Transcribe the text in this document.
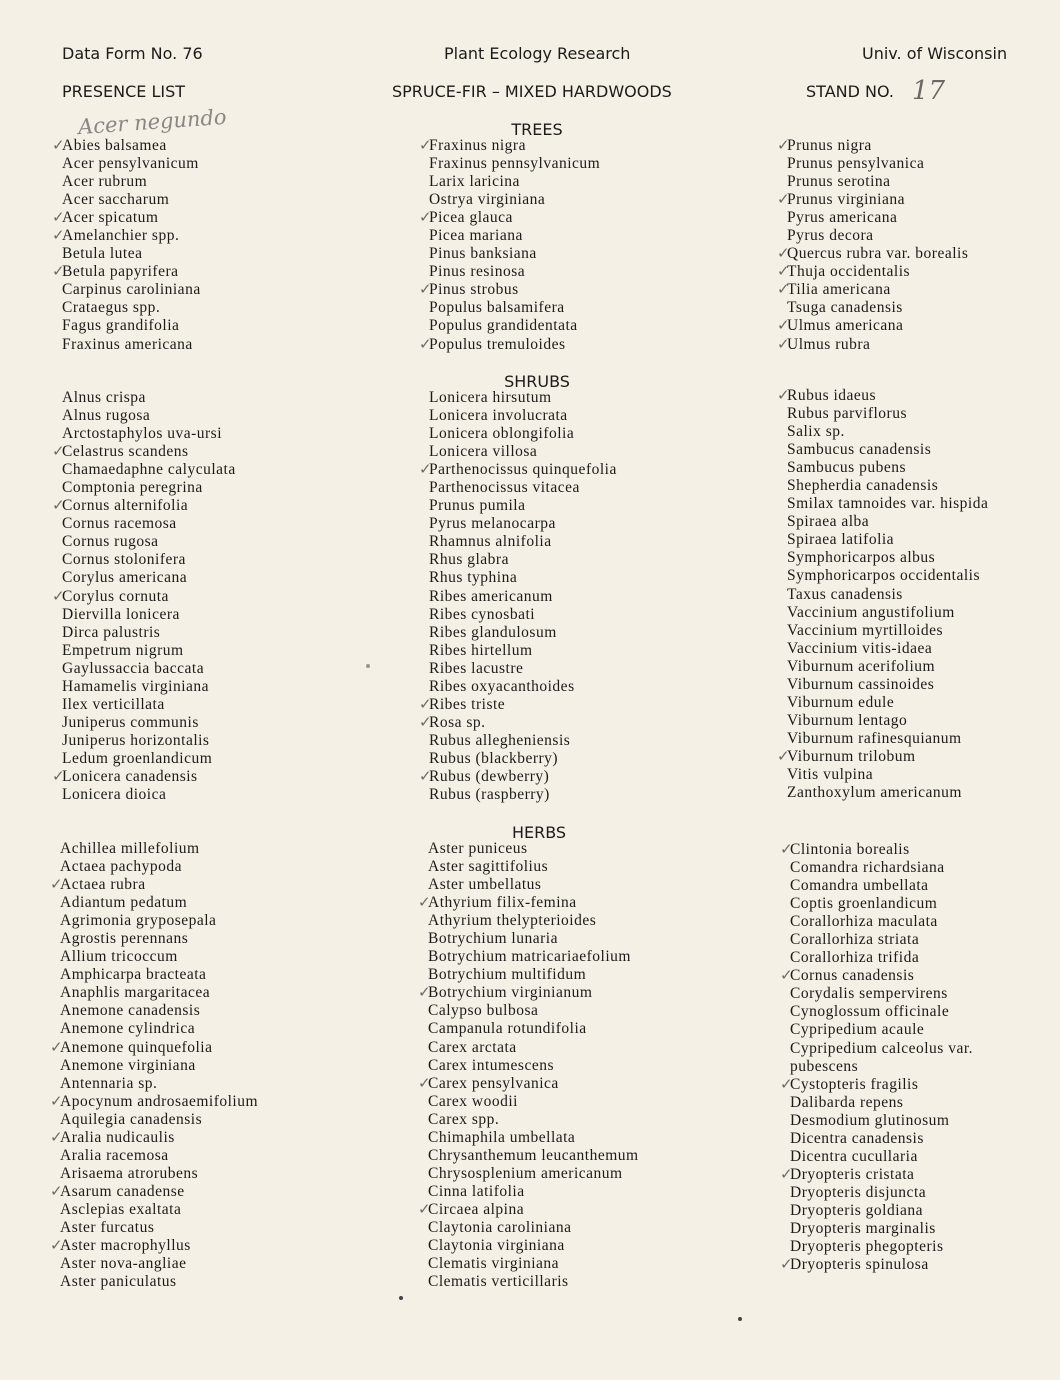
Data Form No. 76	Plant Ecology Research	Univ. of Wisconsin
PRESENCE LIST	SPRUCE-FIR – MIXED HARDWOODS	STAND NO. 17
Acer negundo	TREES
SHRUBS
HERBS
✓ Abies balsamea
Acer pensylvanicum
Acer rubrum
Acer saccharum
✓ Acer spicatum
✓ Amelanchier spp.
Betula lutea
✓ Betula papyrifera
Carpinus caroliniana
Crataegus spp.
Fagus grandifolia
Fraxinus americana
✓ Fraxinus nigra
Fraxinus pennsylvanicum
Larix laricina
Ostrya virginiana
✓ Picea glauca
Picea mariana
Pinus banksiana
Pinus resinosa
✓ Pinus strobus
Populus balsamifera
Populus grandidentata
✓ Populus tremuloides
✓ Prunus nigra
Prunus pensylvanica
Prunus serotina
✓ Prunus virginiana
Pyrus americana
Pyrus decora
✓ Quercus rubra var. borealis
✓ Thuja occidentalis
✓ Tilia americana
Tsuga canadensis
✓ Ulmus americana
✓ Ulmus rubra
Alnus crispa
Alnus rugosa
Arctostaphylos uva-ursi
✓ Celastrus scandens
Chamaedaphne calyculata
Comptonia peregrina
✓ Cornus alternifolia
Cornus racemosa
Cornus rugosa
Cornus stolonifera
Corylus americana
✓ Corylus cornuta
Diervilla lonicera
Dirca palustris
Empetrum nigrum
Gaylussaccia baccata
Hamamelis virginiana
Ilex verticillata
Juniperus communis
Juniperus horizontalis
Ledum groenlandicum
✓ Lonicera canadensis
Lonicera dioica
Lonicera hirsutum
Lonicera involucrata
Lonicera oblongifolia
Lonicera villosa
✓ Parthenocissus quinquefolia
Parthenocissus vitacea
Prunus pumila
Pyrus melanocarpa
Rhamnus alnifolia
Rhus glabra
Rhus typhina
Ribes americanum
Ribes cynosbati
Ribes glandulosum
Ribes hirtellum
Ribes lacustre
Ribes oxyacanthoides
✓ Ribes triste
✓ Rosa sp.
Rubus allegheniensis
Rubus (blackberry)
✓ Rubus (dewberry)
Rubus (raspberry)
✓ Rubus idaeus
Rubus parviflorus
Salix sp.
Sambucus canadensis
Sambucus pubens
Shepherdia canadensis
Smilax tamnoides var. hispida
Spiraea alba
Spiraea latifolia
Symphoricarpos albus
Symphoricarpos occidentalis
Taxus canadensis
Vaccinium angustifolium
Vaccinium myrtilloides
Vaccinium vitis-idaea
Viburnum acerifolium
Viburnum cassinoides
Viburnum edule
Viburnum lentago
Viburnum rafinesquianum
✓ Viburnum trilobum
Vitis vulpina
Zanthoxylum americanum
Achillea millefolium
Actaea pachypoda
✓ Actaea rubra
Adiantum pedatum
Agrimonia gryposepala
Agrostis perennans
Allium tricoccum
Amphicarpa bracteata
Anaphlis margaritacea
Anemone canadensis
Anemone cylindrica
✓ Anemone quinquefolia
Anemone virginiana
Antennaria sp.
✓ Apocynum androsaemifolium
Aquilegia canadensis
✓ Aralia nudicaulis
Aralia racemosa
Arisaema atrorubens
✓ Asarum canadense
Asclepias exaltata
Aster furcatus
✓ Aster macrophyllus
Aster nova-angliae
Aster paniculatus
Aster puniceus
Aster sagittifolius
Aster umbellatus
✓ Athyrium filix-femina
Athyrium thelypterioides
Botrychium lunaria
Botrychium matricariaefolium
Botrychium multifidum
✓ Botrychium virginianum
Calypso bulbosa
Campanula rotundifolia
Carex arctata
Carex intumescens
✓ Carex pensylvanica
Carex woodii
Carex spp.
Chimaphila umbellata
Chrysanthemum leucanthemum
Chrysosplenium americanum
Cinna latifolia
✓ Circaea alpina
Claytonia caroliniana
Claytonia virginiana
Clematis virginiana
Clematis verticillaris
✓ Clintonia borealis
Comandra richardsiana
Comandra umbellata
Coptis groenlandicum
Corallorhiza maculata
Corallorhiza striata
Corallorhiza trifida
✓ Cornus canadensis
Corydalis sempervirens
Cynoglossum officinale
Cypripedium acaule
Cypripedium calceolus var.
pubescens
✓ Cystopteris fragilis
Dalibarda repens
Desmodium glutinosum
Dicentra canadensis
Dicentra cucullaria
✓ Dryopteris cristata
Dryopteris disjuncta
Dryopteris goldiana
Dryopteris marginalis
Dryopteris phegopteris
✓ Dryopteris spinulosa
